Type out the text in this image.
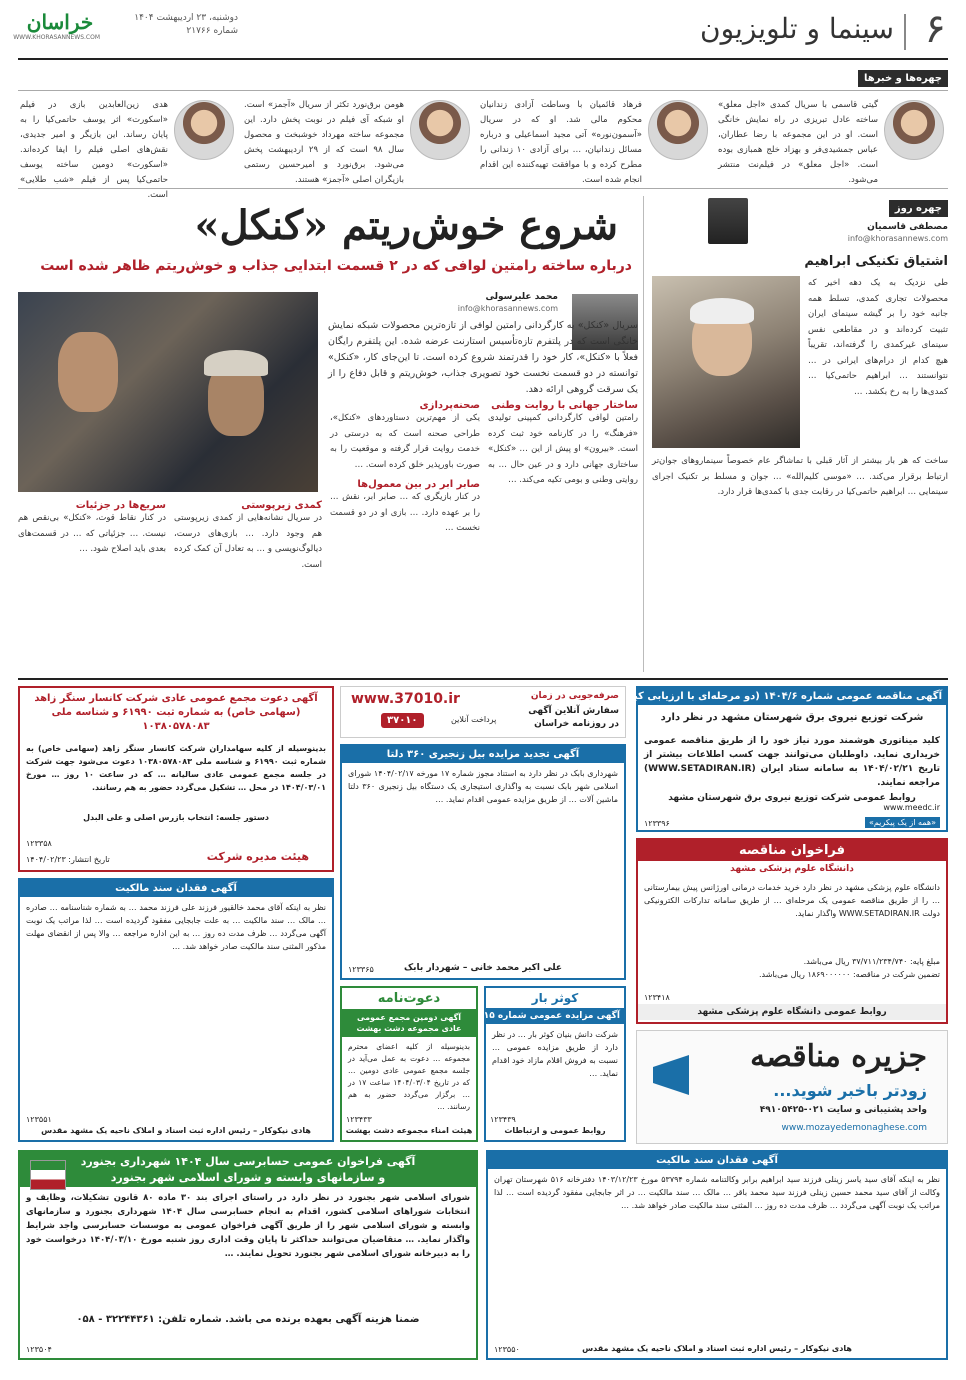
۶
سینما و تلویزیون
خراسان
WWW.KHORASANNEWS.COM
دوشنبه، ۲۳ اردیبهشت ۱۴۰۴
شماره ۲۱۷۶۶
چهره‌ها و خبرها
گیتی قاسمی با سریال کمدی «اجل معلق» ساخته عادل تبریزی در راه نمایش خانگی است. او در این مجموعه با رضا عطاران، عباس جمشیدی‌فر و بهزاد خلج همبازی بوده است. «اجل معلق» در فیلم‌نت منتشر می‌شود.
فرهاد قائمیان با وساطت آزادی زندانیان محکوم مالی شد. او که در سریال «آسمون‌نوره» آتی مجید اسماعیلی و درباره مسائل زندانیان، … برای آزادی ۱۰ زندانی را مطرح کرده و با موافقت تهیه‌کننده این اقدام انجام شده است.
هومن برق‌نورد تکثر از سریال «آجمز» است. او شبکه آی فیلم در نوبت پخش دارد. این مجموعه ساخته مهرداد خوشبخت و محصول سال ۹۸ است که از ۲۹ اردیبهشت پخش می‌شود. برق‌نورد و امیرحسین رستمی بازیگران اصلی «آجمز» هستند.
هدی زین‌العابدین بازی در فیلم «اسکورت» اثر یوسف حاتمی‌کیا را به پایان رساند. این بازیگر و امیر جدیدی، نقش‌های اصلی فیلم را ایفا کرده‌اند. «اسکورت» دومین ساخته یوسف حاتمی‌کیا پس از فیلم «شب طلایی» است.
چهره روز
مصطفی قاسمیان
info@khorasannews.com
اشتیاق تکنیکی ابراهیم
طی نزدیک به یک دهه اخیر که محصولات تجاری کمدی، تسلط همه جانبه خود را بر گیشه سینمای ایران تثبیت کرده‌اند و در مقاطعی نفس سینمای غیرکمدی را گرفته‌اند، تقریباً هیچ کدام از درام‌های ایرانی در … نتوانستند … ابراهیم حاتمی‌کیا … کمدی‌ها را به رخ بکشد. …
ساخت که هر بار بیشتر از آثار قبلی با تماشاگر عام خصوصاً سینماروهای جوان‌تر ارتباط برقرار می‌کند. … «موسی کلیم‌الله» … جوان و مسلط بر تکنیک اجرای سینمایی … ابراهیم حاتمی‌کیا در رقابت جدی با کمدی‌ها قرار دارد.
شروع خوش‌ریتم «کنکل»
درباره ساخته رامتین لوافی که در ۲ قسمت ابتدایی جذاب و خوش‌ریتم ظاهر شده است
محمد علیرسولی
info@khorasannews.com
سریال «کنکل» به کارگردانی رامتین لوافی از تازه‌ترین محصولات شبکه نمایش خانگی است که در پلتفرم تازه‌تأسیس استارنت عرضه شده. این پلتفرم رایگان فعلاً با «کنکل»، کار خود را قدرتمند شروع کرده است. تا این‌جای کار، «کنکل» توانسته در دو قسمت نخست خود تصویری جذاب، خوش‌ریتم و قابل دفاع را از یک سرقت گروهی ارائه دهد.
ساختار جهانی با روایت وطنی
رامتین لوافی کارگردانی کمپینی تولیدی «فرهنگ» را در کارنامه خود ثبت کرده است. «بیرون» او پیش از این … «کنکل» ساختاری جهانی دارد و در عین حال … به روایتی وطنی و بومی تکیه می‌کند. …
صحنه‌پردازی
یکی از مهم‌ترین دستاوردهای «کنکل»، طراحی صحنه است که به درستی در خدمت روایت قرار گرفته و موقعیت را به صورت باورپذیر خلق کرده است. …
صابر ابر در بین معمول‌ها
در کنار بازیگری که … صابر ابر، نقش … را بر عهده دارد. … بازی او در دو قسمت نخست …
کمدی زیرپوستی
در سریال نشانه‌هایی از کمدی زیرپوستی هم وجود دارد. … بازی‌های درست، دیالوگ‌نویسی و … به تعادل آن کمک کرده است.
سریع‌ها در جزئیات
در کنار نقاط قوت، «کنکل» بی‌نقص هم نیست. … جزئیاتی که … در قسمت‌های بعدی باید اصلاح شود. …
آگهی مناقصه عمومی شماره ۱۴۰۴/۶ (دو مرحله‌ای با ارزیابی کیفی)
شرکت توزیع نیروی برق شهرستان مشهد در نظر دارد
کلید میناتوری هوشمند مورد نیاز خود را از طریق مناقصه عمومی خریداری نماید. داوطلبان می‌توانند جهت کسب اطلاعات بیشتر از تاریخ ۱۴۰۴/۰۲/۲۱ به سامانه ستاد ایران (WWW.SETADIRAN.IR) مراجعه نمایند.
روابط عمومی شرکت توزیع نیروی برق شهرستان مشهد
www.meedc.ir
«همه از یک پیکریم»
۱۲۳۳۹۶
فراخوان مناقصه
دانشگاه علوم پزشکی مشهد
دانشگاه علوم پزشکی مشهد در نظر دارد خرید خدمات درمانی اورژانس پیش بیمارستانی … را از طریق مناقصه عمومی یک مرحله‌ای … از طریق سامانه تدارکات الکترونیکی دولت WWW.SETADIRAN.IR واگذار نماید.
مبلغ پایه: ۳۷/۷۱۱/۲۳۴/۷۴۰ ریال می‌باشد.
تضمین شرکت در مناقصه: ۱۸۶۹۰۰۰۰۰۰ ریال می‌باشد.
روابط عمومی دانشگاه علوم پزشکی مشهد
۱۲۳۴۱۸
جزیره مناقصه
زودتر باخبر شوید...
واحد پشتیبانی و سایت ۰۲۱-۴۹۱۰۵۴۲۵
www.mozayedemonaghese.com
صرفه‌جویی در زمان
سفارش آنلاین آگهی در روزنامه خراسان
www.37010.ir
۳۷۰۱۰	پرداخت آنلاین
آگهی تجدید مزایده بیل زنجیری ۳۶۰ دلتا
شهرداری بابک در نظر دارد به استناد مجوز شماره ۱۷ مورخه ۱۴۰۴/۰۲/۱۷ شورای اسلامی شهر بابک نسبت به واگذاری استیجاری یک دستگاه بیل زنجیری ۳۶۰ دلتا ماشین آلات … از طریق مزایده عمومی اقدام نماید. …
علی اکبر محمد خانی – شهردار بابک
۱۲۳۳۶۵
کوثر بار
آگهی مزایده عمومی شماره ۱۱۵
شرکت دانش بنیان کوثر بار … در نظر دارد از طریق مزایده عمومی … نسبت به فروش اقلام مازاد خود اقدام نماید. …
روابط عمومی و ارتباطات
۱۲۳۴۳۹
دعوت‌نامه
آگهی دومین مجمع عمومی عادی مجموعه دشت بهشت
بدینوسیله از کلیه اعضای محترم مجموعه … دعوت به عمل می‌آید در جلسه مجمع عمومی عادی دومین … که در تاریخ ۱۴۰۴/۰۳/۰۴ ساعت ۱۷ در … برگزار می‌گردد حضور به هم رسانند. …
هیئت امناء مجموعه دشت بهشت
۱۲۳۴۳۳
آگهی دعوت مجمع عمومی عادی شرکت کانسار سنگر زاهد
(سهامی خاص) به شماره ثبت ۶۱۹۹۰ و شناسه ملی ۱۰۳۸۰۵۷۸۰۸۳
بدینوسیله از کلیه سهامداران شرکت کانسار سنگر زاهد (سهامی خاص) به شماره ثبت ۶۱۹۹۰ و شناسه ملی ۱۰۳۸۰۵۷۸۰۸۳ دعوت می‌شود جهت شرکت در جلسه مجمع عمومی عادی سالیانه … که در ساعت ۱۰ روز … مورخ ۱۴۰۴/۰۳/۰۱ در محل … تشکیل می‌گردد حضور به هم رسانند.
دستور جلسه: انتخاب بازرس اصلی و علی البدل
هیئت مدیره شرکت
تاریخ انتشار: ۱۴۰۴/۰۲/۲۳
۱۲۳۳۵۸
آگهی فقدان سند مالکیت
نظر به اینکه آقای محمد خالقیور فرزند علی فرزند محمد … به شماره شناسنامه … صادره … مالک … سند مالکیت … به علت جابجایی مفقود گردیده است … لذا مراتب یک نوبت آگهی می‌گردد … ظرف مدت ده روز … به این اداره مراجعه … والا پس از انقضای مهلت مذکور المثنی سند مالکیت صادر خواهد شد. …
هادی نیکوکار – رئیس اداره ثبت اسناد و املاک ناحیه یک مشهد مقدس
۱۲۳۵۵۱
آگهی فراخوان عمومی حسابرسی سال ۱۴۰۴ شهرداری بجنورد
و سازمانهای وابسته و شورای اسلامی شهر بجنورد
شورای اسلامی شهر بجنورد در نظر دارد در راستای اجرای بند ۳۰ ماده ۸۰ قانون تشکیلات، وظایف و انتخابات شوراهای اسلامی کشور، اقدام به انجام حسابرسی سال ۱۴۰۴ شهرداری بجنورد و سازمانهای وابسته و شورای اسلامی شهر را از طریق آگهی فراخوان عمومی به موسسات حسابرسی واجد شرایط واگذار نماید. … متقاضیان می‌توانند حداکثر تا پایان وقت اداری روز شنبه مورخ ۱۴۰۴/۰۳/۱۰ درخواست خود را به دبیرخانه شورای اسلامی شهر بجنورد تحویل نمایند. …
ضمنا هزینه آگهی بعهده برنده می باشد. شماره تلفن: ۳۲۲۴۴۳۶۱ - ۰۵۸
۱۲۳۵۰۴
آگهی فقدان سند مالکیت
نظر به اینکه آقای سید یاسر زینلی فرزند سید ابراهیم برابر وکالتنامه شماره ۵۳۷۹۴ مورخ ۱۴۰۳/۱۲/۲۳ دفترخانه ۵۱۶ شهرستان تهران وکالت از آقای سید محمد حسین زینلی فرزند سید محمد باقر … مالک … سند مالکیت … در اثر جابجایی مفقود گردیده است … لذا مراتب یک نوبت آگهی می‌گردد … ظرف مدت ده روز … المثنی سند مالکیت صادر خواهد شد. …
هادی نیکوکار – رئیس اداره ثبت اسناد و املاک ناحیه یک مشهد مقدس
۱۲۳۵۵۰
